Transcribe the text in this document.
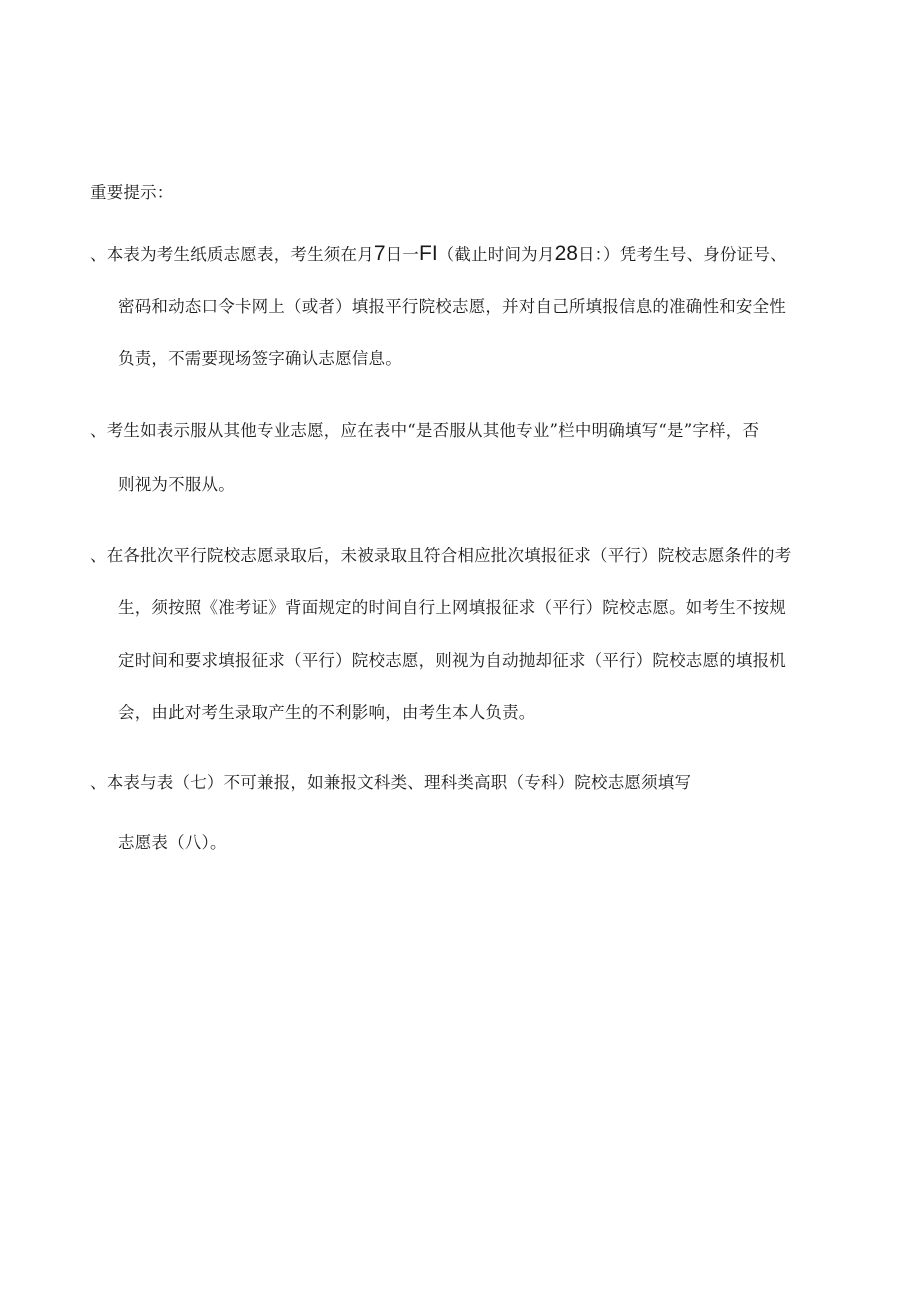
重要提示：
、本表为考生纸质志愿表，考生须在月7日一FI（截止时间为月28日：）凭考生号、身份证号、
密码和动态口令卡网上（或者）填报平行院校志愿，并对自己所填报信息的准确性和安全性
负责，不需要现场签字确认志愿信息。
、考生如表示服从其他专业志愿，应在表中“是否服从其他专业”栏中明确填写“是”字样，否
则视为不服从。
、在各批次平行院校志愿录取后，未被录取且符合相应批次填报征求（平行）院校志愿条件的考
生，须按照《准考证》背面规定的时间自行上网填报征求（平行）院校志愿。如考生不按规
定时间和要求填报征求（平行）院校志愿，则视为自动抛却征求（平行）院校志愿的填报机
会，由此对考生录取产生的不利影响，由考生本人负责。
、本表与表（七）不可兼报，如兼报文科类、理科类高职（专科）院校志愿须填写
志愿表（八）。
